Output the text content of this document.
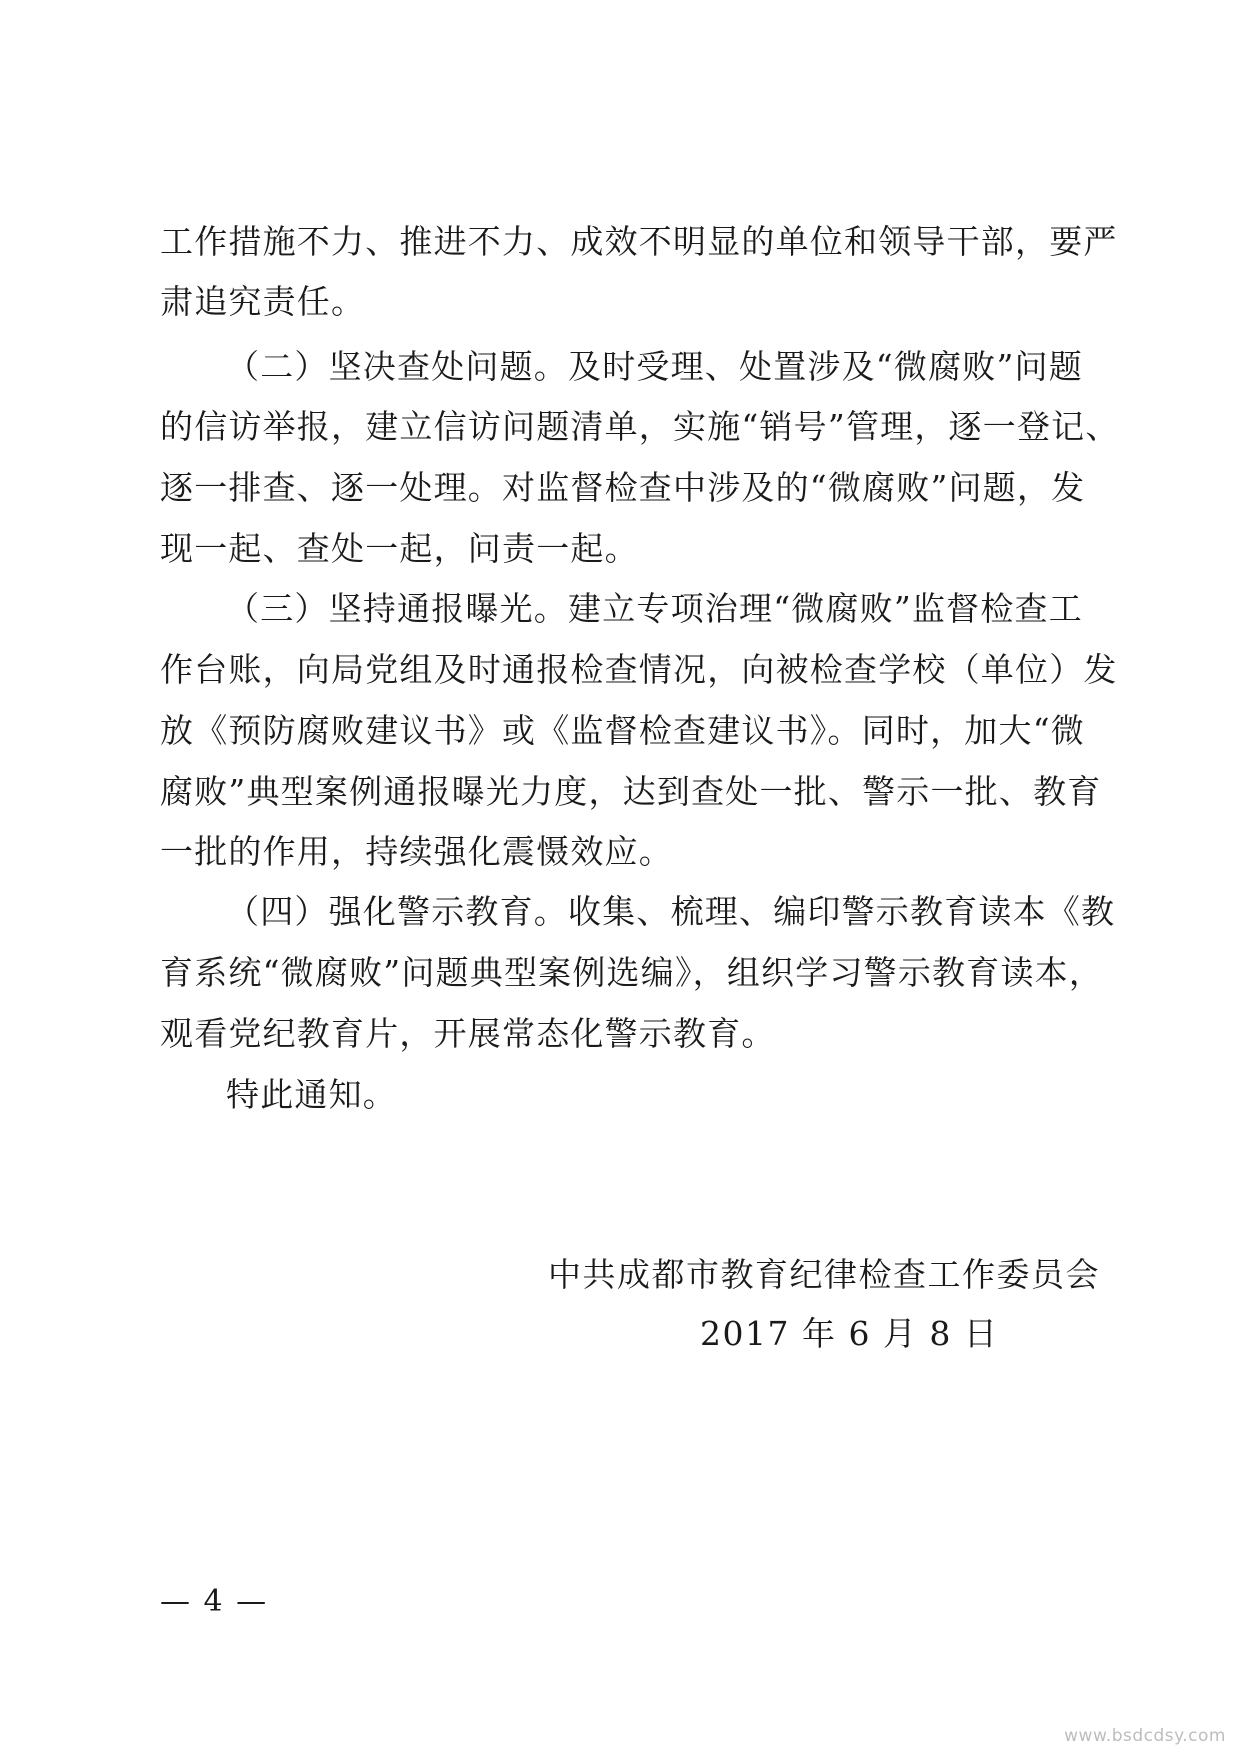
工作措施不力、推进不力、成效不明显的单位和领导干部，要严
肃追究责任。
（二）坚决查处问题。及时受理、处置涉及“微腐败”问题
的信访举报，建立信访问题清单，实施“销号”管理，逐一登记、
逐一排查、逐一处理。对监督检查中涉及的“微腐败”问题，发
现一起、查处一起，问责一起。
（三）坚持通报曝光。建立专项治理“微腐败”监督检查工
作台账，向局党组及时通报检查情况，向被检查学校（单位）发
放《预防腐败建议书》或《监督检查建议书》。同时，加大“微
腐败”典型案例通报曝光力度，达到查处一批、警示一批、教育
一批的作用，持续强化震慑效应。
（四）强化警示教育。收集、梳理、编印警示教育读本《教
育系统“微腐败”问题典型案例选编》，组织学习警示教育读本，
观看党纪教育片，开展常态化警示教育。
特此通知。
中共成都市教育纪律检查工作委员会
2017 年 6 月 8 日
— 4 —
www.bsdcdsy.com
